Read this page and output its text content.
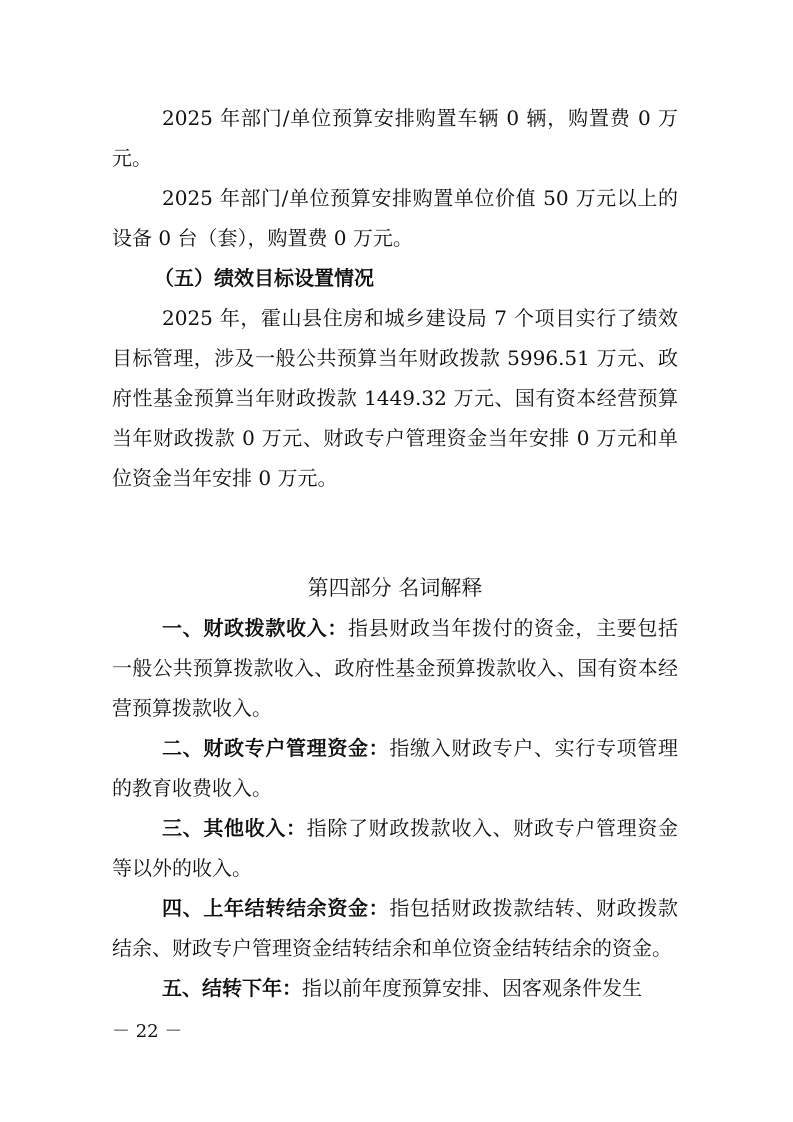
2025 年部门/单位预算安排购置车辆 0 辆，购置费 0 万元。

2025 年部门/单位预算安排购置单位价值 50 万元以上的设备 0 台（套），购置费 0 万元。

（五）绩效目标设置情况

2025 年，霍山县住房和城乡建设局 7 个项目实行了绩效目标管理，涉及一般公共预算当年财政拨款 5996.51 万元、政府性基金预算当年财政拨款 1449.32 万元、国有资本经营预算当年财政拨款 0 万元、财政专户管理资金当年安排 0 万元和单位资金当年安排 0 万元。

第四部分 名词解释

一、财政拨款收入：指县财政当年拨付的资金，主要包括一般公共预算拨款收入、政府性基金预算拨款收入、国有资本经营预算拨款收入。

二、财政专户管理资金：指缴入财政专户、实行专项管理的教育收费收入。

三、其他收入：指除了财政拨款收入、财政专户管理资金等以外的收入。

四、上年结转结余资金：指包括财政拨款结转、财政拨款结余、财政专户管理资金结转结余和单位资金结转结余的资金。

五、结转下年：指以前年度预算安排、因客观条件发生

－ 22 －
